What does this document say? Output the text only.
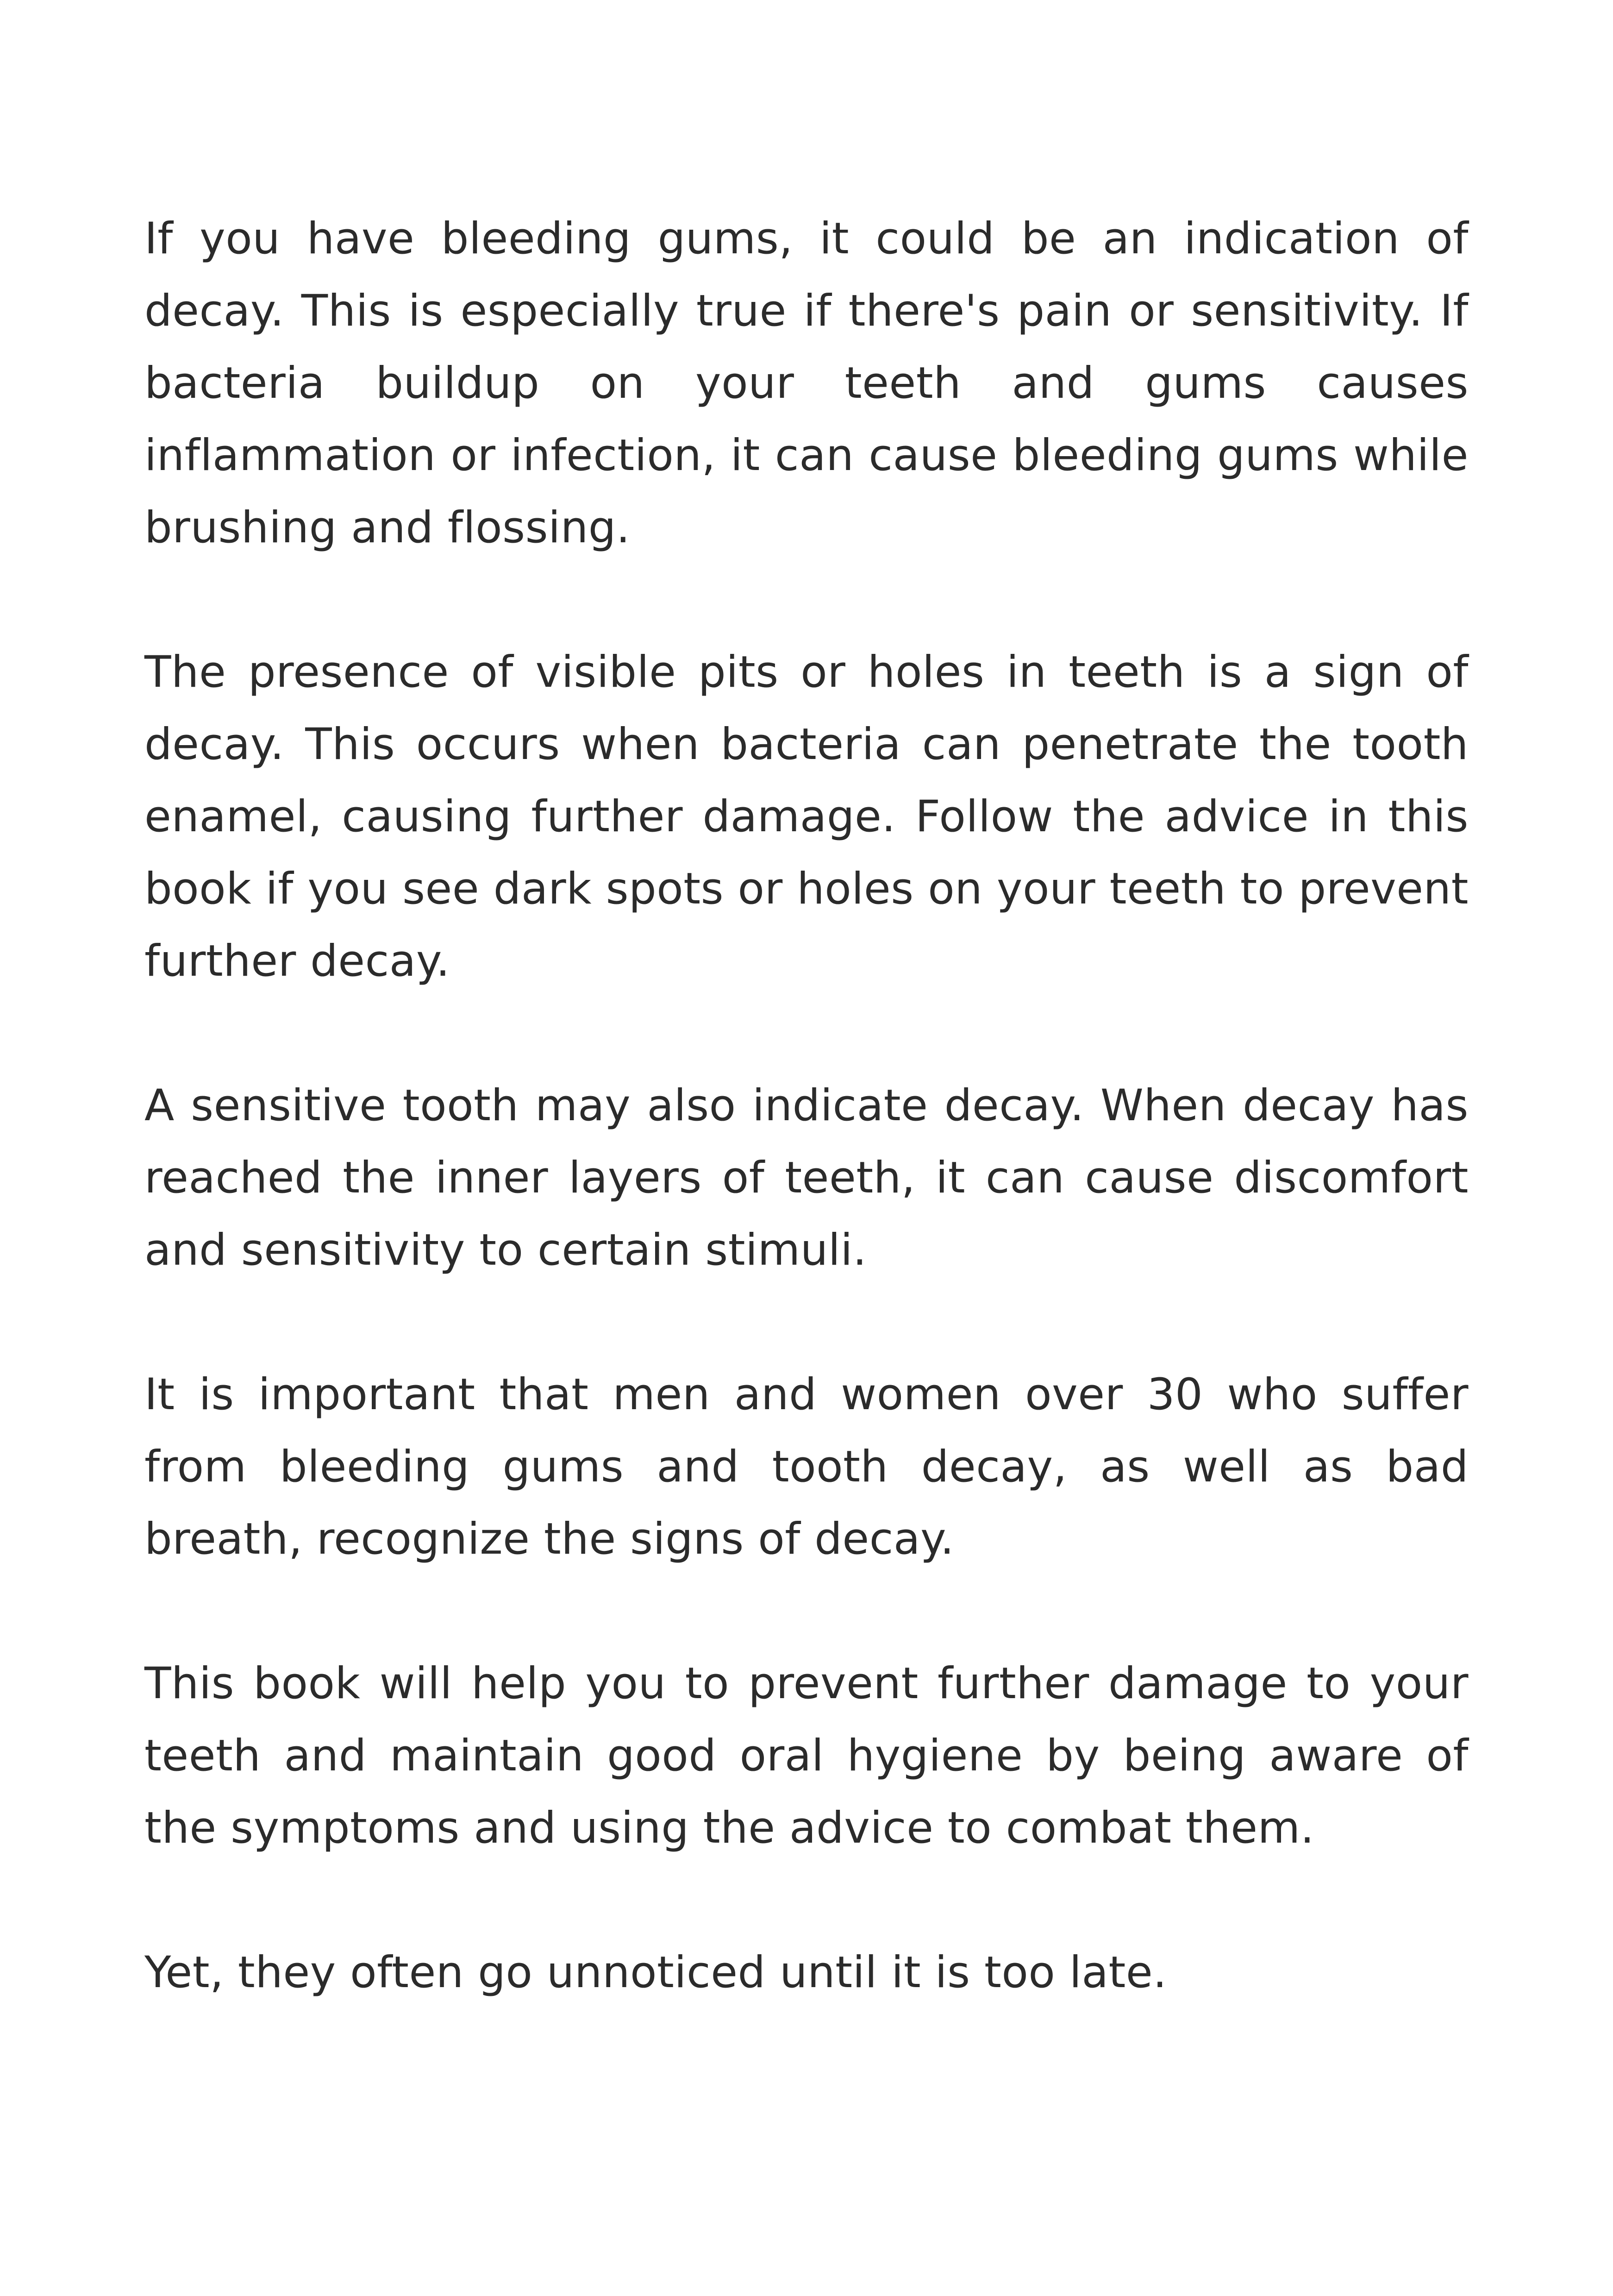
If you have bleeding gums, it could be an indication of decay. This is especially true if there's pain or sensitivity. If bacteria buildup on your teeth and gums causes inflammation or infection, it can cause bleeding gums while brushing and flossing.

The presence of visible pits or holes in teeth is a sign of decay. This occurs when bacteria can penetrate the tooth enamel, causing further damage. Follow the advice in this book if you see dark spots or holes on your teeth to prevent further decay.

A sensitive tooth may also indicate decay. When decay has reached the inner layers of teeth, it can cause discomfort and sensitivity to certain stimuli.

It is important that men and women over 30 who suffer from bleeding gums and tooth decay, as well as bad breath, recognize the signs of decay.

This book will help you to prevent further damage to your teeth and maintain good oral hygiene by being aware of the symptoms and using the advice to combat them.

Yet, they often go unnoticed until it is too late.
